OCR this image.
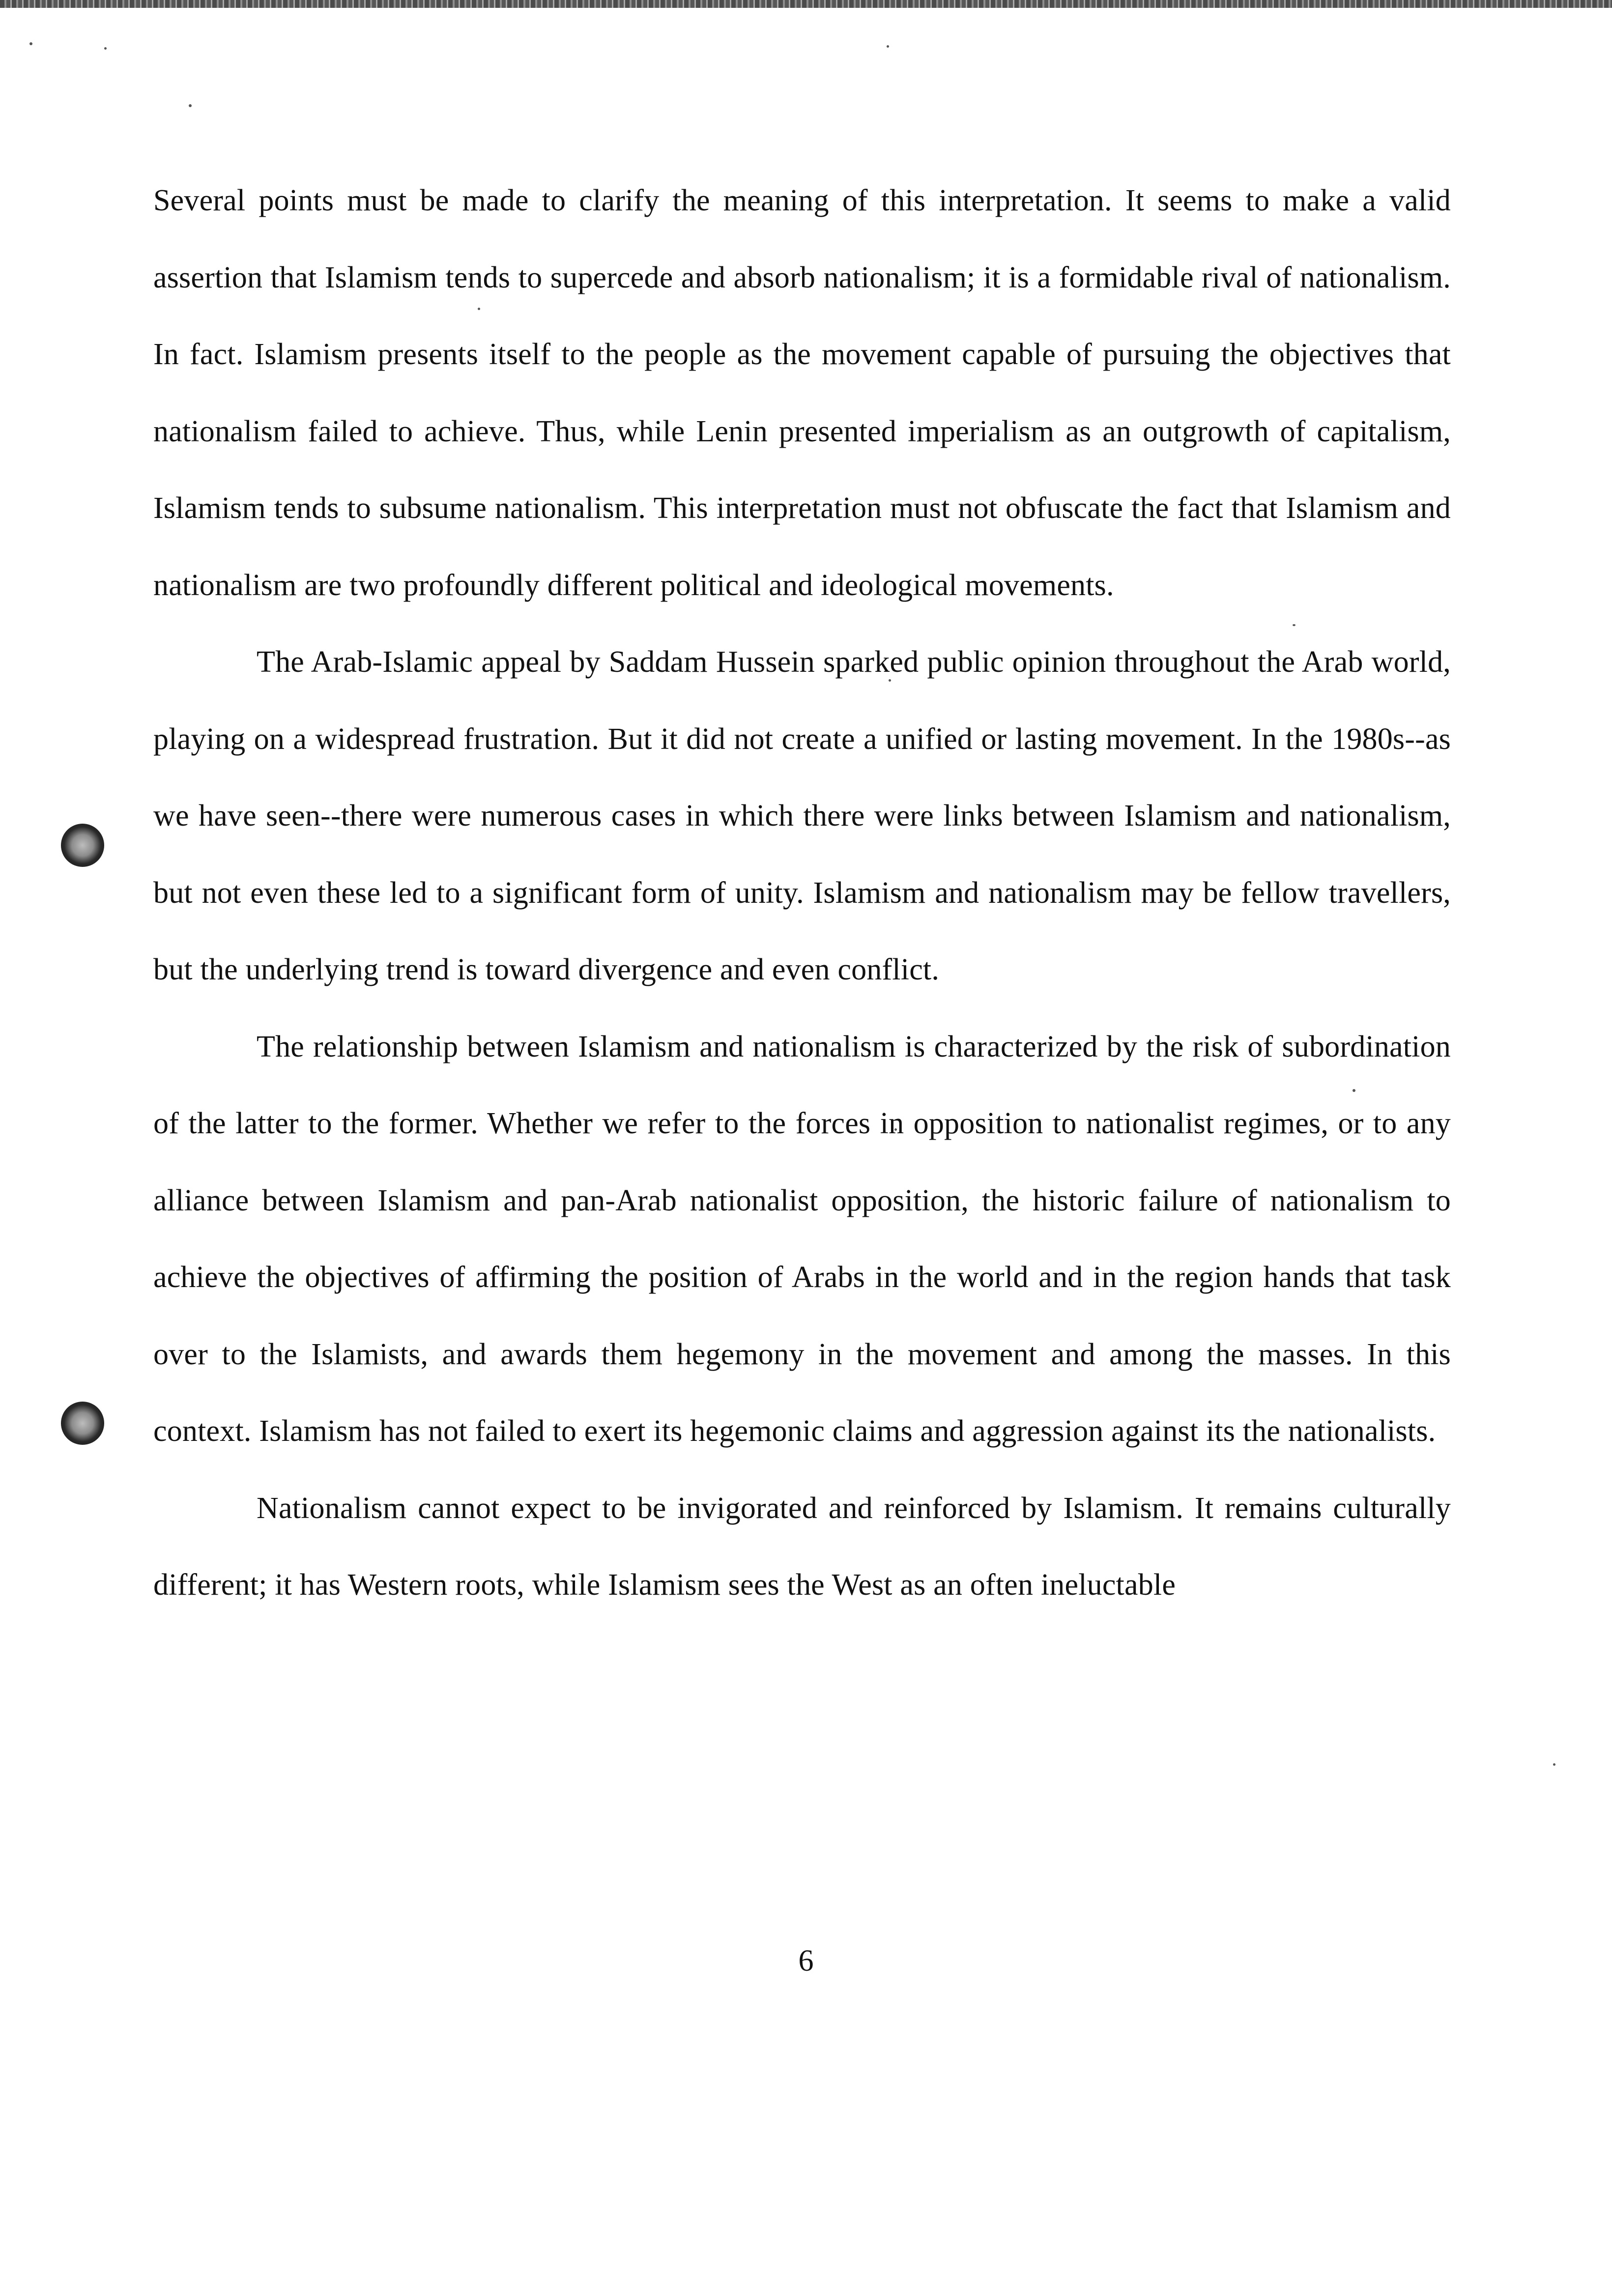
Several points must be made to clarify the meaning of this interpretation. It seems to make a valid assertion that Islamism tends to supercede and absorb nationalism; it is a formidable rival of nationalism. In fact. Islamism presents itself to the people as the movement capable of pursuing the objectives that nationalism failed to achieve. Thus, while Lenin presented imperialism as an outgrowth of capitalism, Islamism tends to subsume nationalism. This interpretation must not obfuscate the fact that Islamism and nationalism are two profoundly different political and ideological movements.

The Arab-Islamic appeal by Saddam Hussein sparked public opinion throughout the Arab world, playing on a widespread frustration. But it did not create a unified or lasting movement. In the 1980s--as we have seen--there were numerous cases in which there were links between Islamism and nationalism, but not even these led to a significant form of unity. Islamism and nationalism may be fellow travellers, but the underlying trend is toward divergence and even conflict.

The relationship between Islamism and nationalism is characterized by the risk of subordination of the latter to the former. Whether we refer to the forces in opposition to nationalist regimes, or to any alliance between Islamism and pan-Arab nationalist opposition, the historic failure of nationalism to achieve the objectives of affirming the position of Arabs in the world and in the region hands that task over to the Islamists, and awards them hegemony in the movement and among the masses. In this context. Islamism has not failed to exert its hegemonic claims and aggression against its the nationalists.

Nationalism cannot expect to be invigorated and reinforced by Islamism. It remains culturally different; it has Western roots, while Islamism sees the West as an often ineluctable

6
